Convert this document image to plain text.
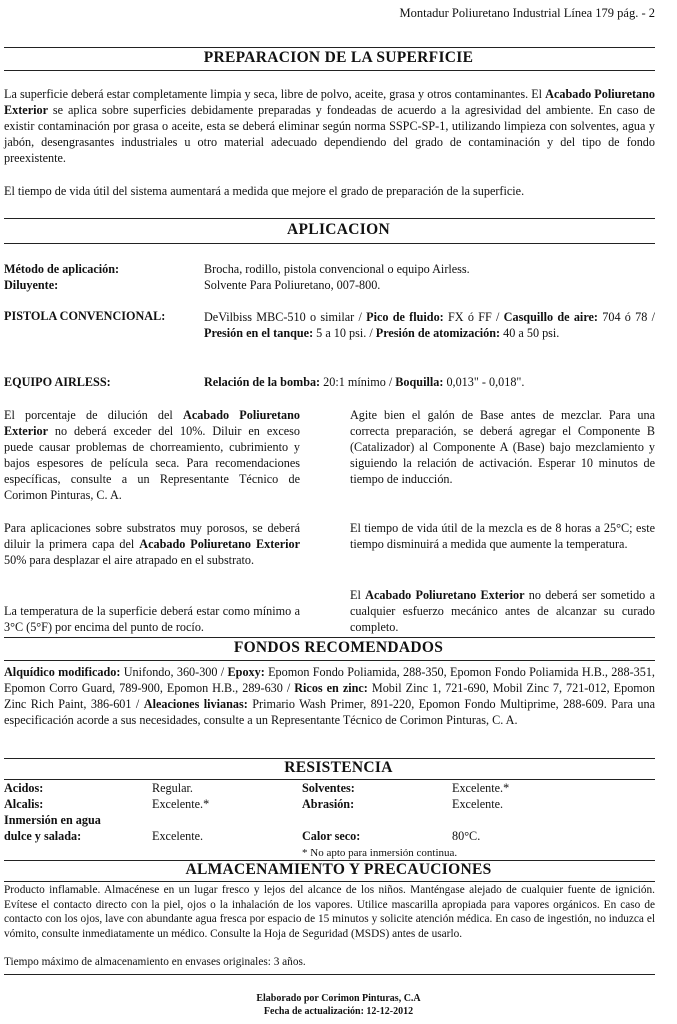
Montadur Poliuretano Industrial Línea 179 pág. - 2
PREPARACION DE LA SUPERFICIE
La superficie deberá estar completamente limpia y seca, libre de polvo, aceite, grasa y otros contaminantes. El Acabado Poliuretano Exterior se aplica sobre superficies debidamente preparadas y fondeadas de acuerdo a la agresividad del ambiente. En caso de existir contaminación por grasa o aceite, esta se deberá eliminar según norma SSPC-SP-1, utilizando limpieza con solventes, agua y jabón, desengrasantes industriales u otro material adecuado dependiendo del grado de contaminación y del tipo de fondo preexistente.
El tiempo de vida útil del sistema aumentará a medida que mejore el grado de preparación de la superficie.
APLICACION
Método de aplicación:	Brocha, rodillo, pistola convencional o equipo Airless.
Diluyente:	Solvente Para Poliuretano, 007-800.
PISTOLA CONVENCIONAL:	DeVilbiss MBC-510 o similar / Pico de fluido: FX ó FF / Casquillo de aire: 704 ó 78 / Presión en el tanque: 5 a 10 psi. / Presión de atomización: 40 a 50 psi.
EQUIPO AIRLESS:	Relación de la bomba: 20:1 mínimo / Boquilla: 0,013" - 0,018".
El porcentaje de dilución del Acabado Poliuretano Exterior no deberá exceder del 10%. Diluir en exceso puede causar problemas de chorreamiento, cubrimiento y bajos espesores de película seca. Para recomendaciones específicas, consulte a un Representante Técnico de Corimon Pinturas, C. A.
Para aplicaciones sobre substratos muy porosos, se deberá diluir la primera capa del Acabado Poliuretano Exterior 50% para desplazar el aire atrapado en el substrato.
La temperatura de la superficie deberá estar como mínimo a 3°C (5°F) por encima del punto de rocío.
Agite bien el galón de Base antes de mezclar. Para una correcta preparación, se deberá agregar el Componente B (Catalizador) al Componente A (Base) bajo mezclamiento y siguiendo la relación de activación. Esperar 10 minutos de tiempo de inducción.
El tiempo de vida útil de la mezcla es de 8 horas a 25°C; este tiempo disminuirá a medida que aumente la temperatura.
El Acabado Poliuretano Exterior no deberá ser sometido a cualquier esfuerzo mecánico antes de alcanzar su curado completo.
FONDOS RECOMENDADOS
Alquídico modificado: Unifondo, 360-300 / Epoxy: Epomon Fondo Poliamida, 288-350, Epomon Fondo Poliamida H.B., 288-351, Epomon Corro Guard, 789-900, Epomon H.B., 289-630 / Ricos en zinc: Mobil Zinc 1, 721-690, Mobil Zinc 7, 721-012, Epomon Zinc Rich Paint, 386-601 / Aleaciones livianas: Primario Wash Primer, 891-220, Epomon Fondo Multiprime, 288-609. Para una especificación acorde a sus necesidades, consulte a un Representante Técnico de Corimon Pinturas, C. A.
RESISTENCIA
Acidos:	Regular.
Alcalis:	Excelente.*
Inmersión en agua
dulce y salada:	Excelente.
Solventes:	Excelente.*
Abrasión:	Excelente.
Calor seco:	80°C.
* No apto para inmersión continua.
ALMACENAMIENTO Y PRECAUCIONES
Producto inflamable. Almacénese en un lugar fresco y lejos del alcance de los niños. Manténgase alejado de cualquier fuente de ignición. Evítese el contacto directo con la piel, ojos o la inhalación de los vapores. Utilice mascarilla apropiada para vapores orgánicos. En caso de contacto con los ojos, lave con abundante agua fresca por espacio de 15 minutos y solicite atención médica. En caso de ingestión, no induzca el vómito, consulte inmediatamente un médico. Consulte la Hoja de Seguridad (MSDS) antes de usarlo.
Tiempo máximo de almacenamiento en envases originales: 3 años.
Elaborado por Corimon Pinturas, C.A
Fecha de actualización: 12-12-2012
